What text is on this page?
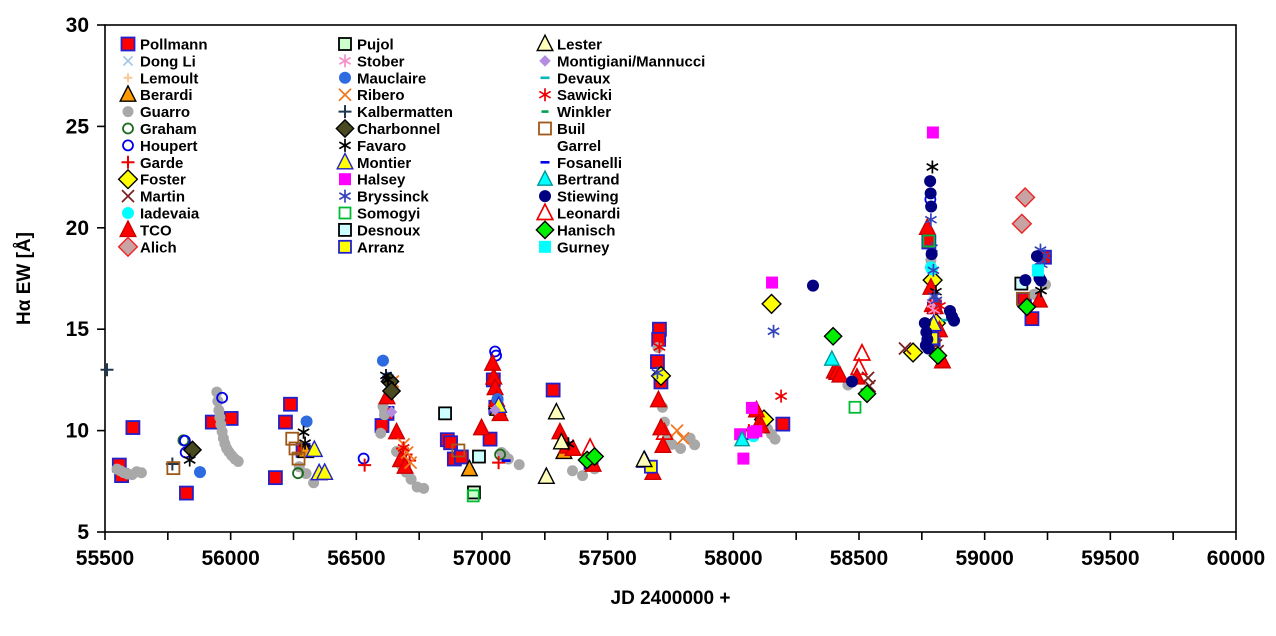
55500	56000	56500	57000	57500	58000	58500	59000	59500	60000
5
10
15
20
25
30
JD 2400000 +
Hα EW [Å]
Pollmann
Dong Li
Lemoult
Berardi
Guarro
Graham
Houpert
Garde
Foster
Martin
Iadevaia
TCO
Alich
Pujol
Stober
Mauclaire
Ribero
Kalbermatten
Charbonnel
Favaro
Montier
Halsey
Bryssinck
Somogyi
Desnoux
Arranz
Lester
Montigiani/Mannucci
Devaux
Sawicki
Winkler
Buil
Garrel
Fosanelli
Bertrand
Stiewing
Leonardi
Hanisch
Gurney
